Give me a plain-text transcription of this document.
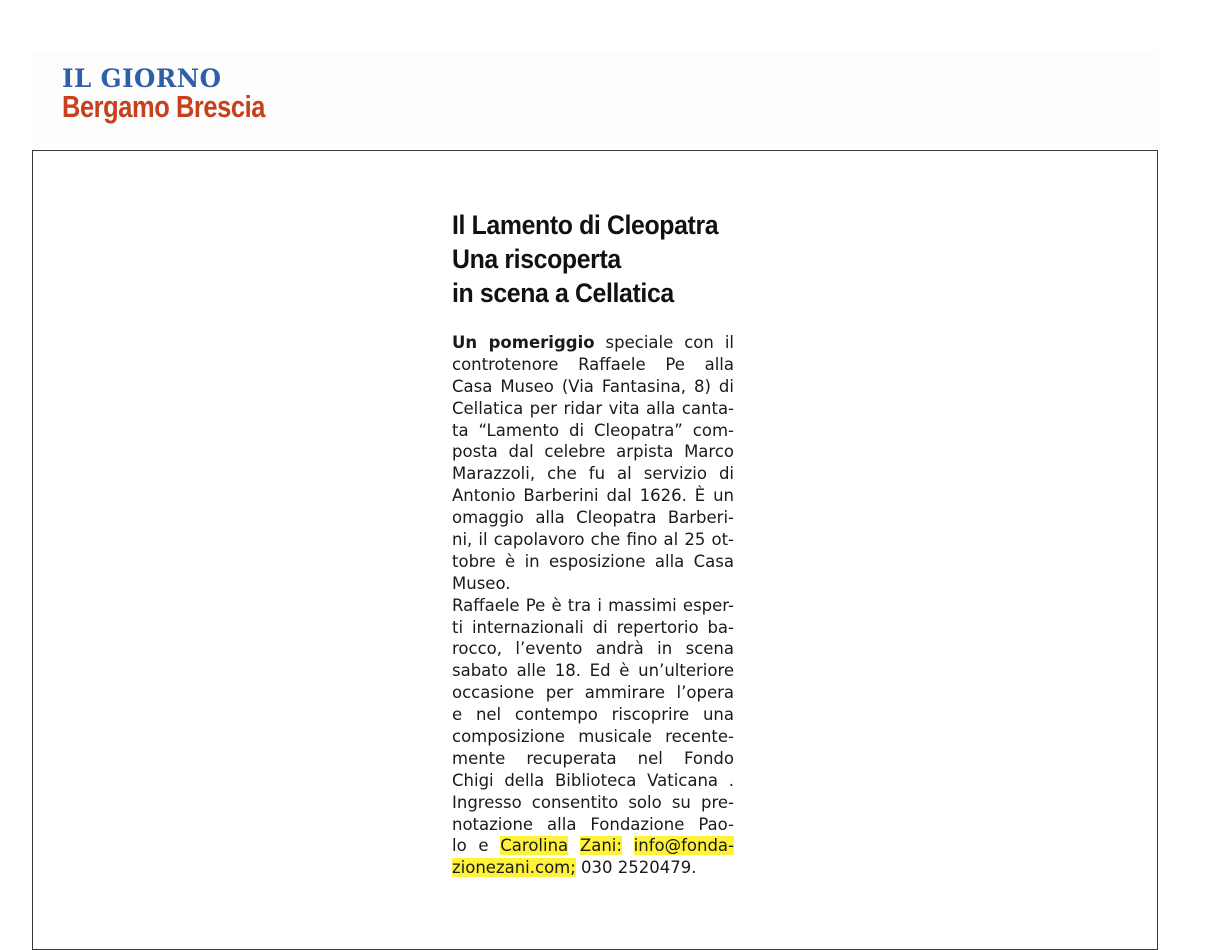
IL GIORNO
Bergamo Brescia
Il Lamento di Cleopatra
Una riscoperta
in scena a Cellatica
Un pomeriggio speciale con il
controtenore Raffaele Pe alla
Casa Museo (Via Fantasina, 8) di
Cellatica per ridar vita alla canta-
ta “Lamento di Cleopatra” com-
posta dal celebre arpista Marco
Marazzoli, che fu al servizio di
Antonio Barberini dal 1626. È un
omaggio alla Cleopatra Barberi-
ni, il capolavoro che fino al 25 ot-
tobre è in esposizione alla Casa
Museo.
Raffaele Pe è tra i massimi esper-
ti internazionali di repertorio ba-
rocco, l’evento andrà in scena
sabato alle 18. Ed è un’ulteriore
occasione per ammirare l’opera
e nel contempo riscoprire una
composizione musicale recente-
mente recuperata nel Fondo
Chigi della Biblioteca Vaticana .
Ingresso consentito solo su pre-
notazione alla Fondazione Pao-
lo e Carolina Zani: info@fonda-
zionezani.com; 030 2520479.
